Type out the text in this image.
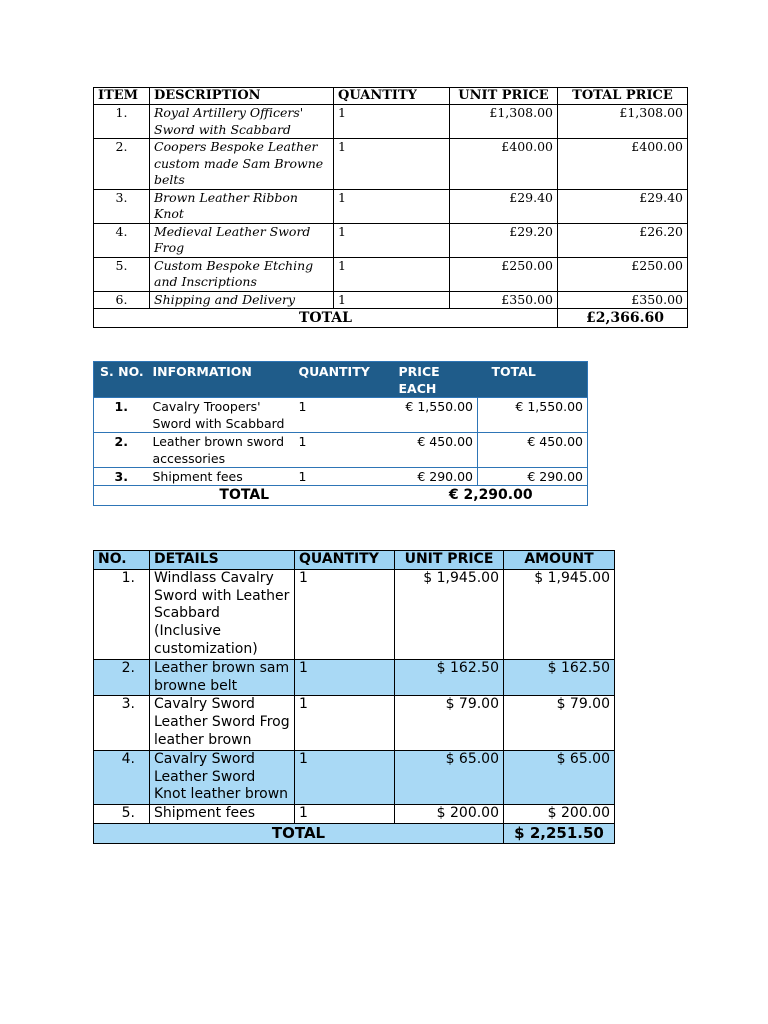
ITEM	DESCRIPTION	QUANTITY	UNIT PRICE	TOTAL PRICE
1.	Royal Artillery Officers' Sword with Scabbard	1	£1,308.00	£1,308.00
2.	Coopers Bespoke Leather custom made Sam Browne belts	1	£400.00	£400.00
3.	Brown Leather Ribbon Knot	1	£29.40	£29.40
4.	Medieval Leather Sword Frog	1	£29.20	£26.20
5.	Custom Bespoke Etching and Inscriptions	1	£250.00	£250.00
6.	Shipping and Delivery	1	£350.00	£350.00
TOTAL				£2,366.60
S. NO.	INFORMATION	QUANTITY	PRICE EACH	TOTAL
1.	Cavalry Troopers' Sword with Scabbard	1	€ 1,550.00	€ 1,550.00
2.	Leather brown sword accessories	1	€ 450.00	€ 450.00
3.	Shipment fees	1	€ 290.00	€ 290.00
TOTAL			€ 2,290.00	
NO.	DETAILS	QUANTITY	UNIT PRICE	AMOUNT
1.	Windlass Cavalry Sword with Leather Scabbard (Inclusive customization)	1	$ 1,945.00	$ 1,945.00
2.	Leather brown sam browne belt	1	$ 162.50	$ 162.50
3.	Cavalry Sword Leather Sword Frog leather brown	1	$ 79.00	$ 79.00
4.	Cavalry Sword Leather Sword Knot leather brown	1	$ 65.00	$ 65.00
5.	Shipment fees	1	$ 200.00	$ 200.00
TOTAL				$ 2,251.50
